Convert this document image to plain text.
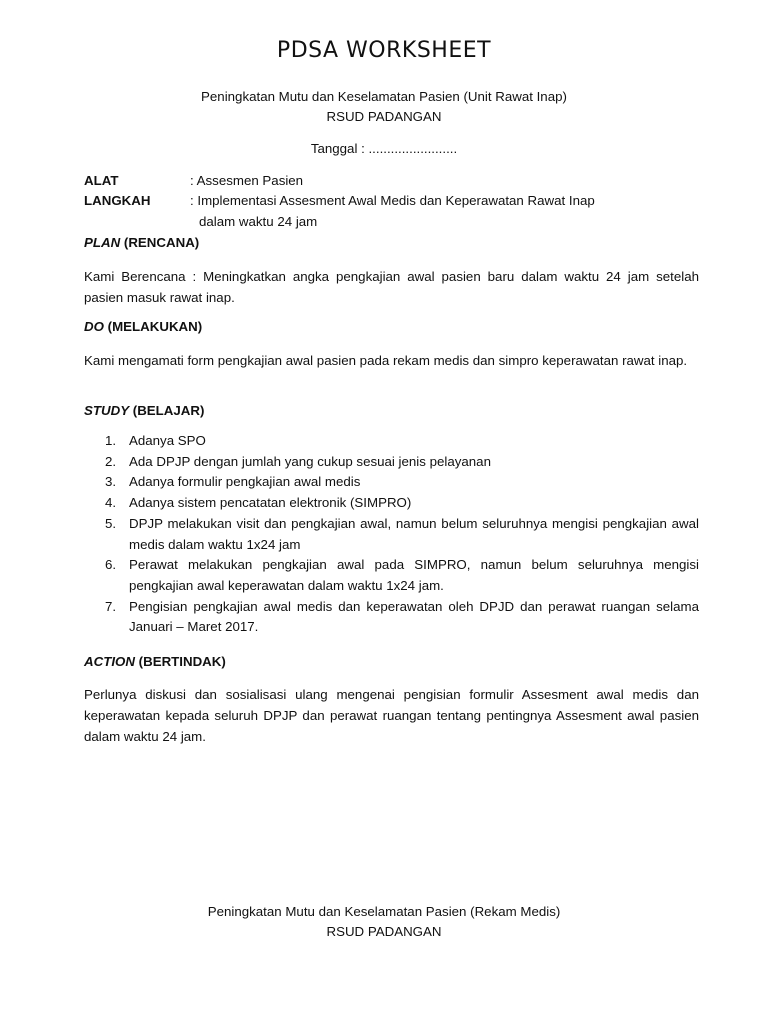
PDSA WORKSHEET
Peningkatan Mutu dan Keselamatan Pasien (Unit Rawat Inap)
RSUD PADANGAN
Tanggal : ........................
ALAT	: Assesmen Pasien
LANGKAH	: Implementasi Assesment Awal Medis dan Keperawatan Rawat Inap
dalam waktu 24 jam
PLAN (RENCANA)
Kami Berencana : Meningkatkan angka pengkajian awal pasien baru dalam waktu 24 jam setelah pasien masuk rawat inap.
DO (MELAKUKAN)
Kami mengamati form pengkajian awal pasien pada rekam medis dan simpro keperawatan rawat inap.
STUDY (BELAJAR)
1. Adanya SPO
2. Ada DPJP dengan jumlah yang cukup sesuai jenis pelayanan
3. Adanya formulir pengkajian awal medis
4. Adanya sistem pencatatan elektronik (SIMPRO)
5. DPJP melakukan visit dan pengkajian awal, namun belum seluruhnya mengisi pengkajian awal medis dalam waktu 1x24 jam
6. Perawat melakukan pengkajian awal pada SIMPRO, namun belum seluruhnya mengisi pengkajian awal keperawatan dalam waktu 1x24 jam.
7. Pengisian pengkajian awal medis dan keperawatan oleh DPJD dan perawat ruangan selama Januari – Maret 2017.
ACTION (BERTINDAK)
Perlunya diskusi dan sosialisasi ulang mengenai pengisian formulir Assesment awal medis dan keperawatan kepada seluruh DPJP dan perawat ruangan tentang pentingnya Assesment awal pasien dalam waktu 24 jam.
Peningkatan Mutu dan Keselamatan Pasien (Rekam Medis)
RSUD PADANGAN
